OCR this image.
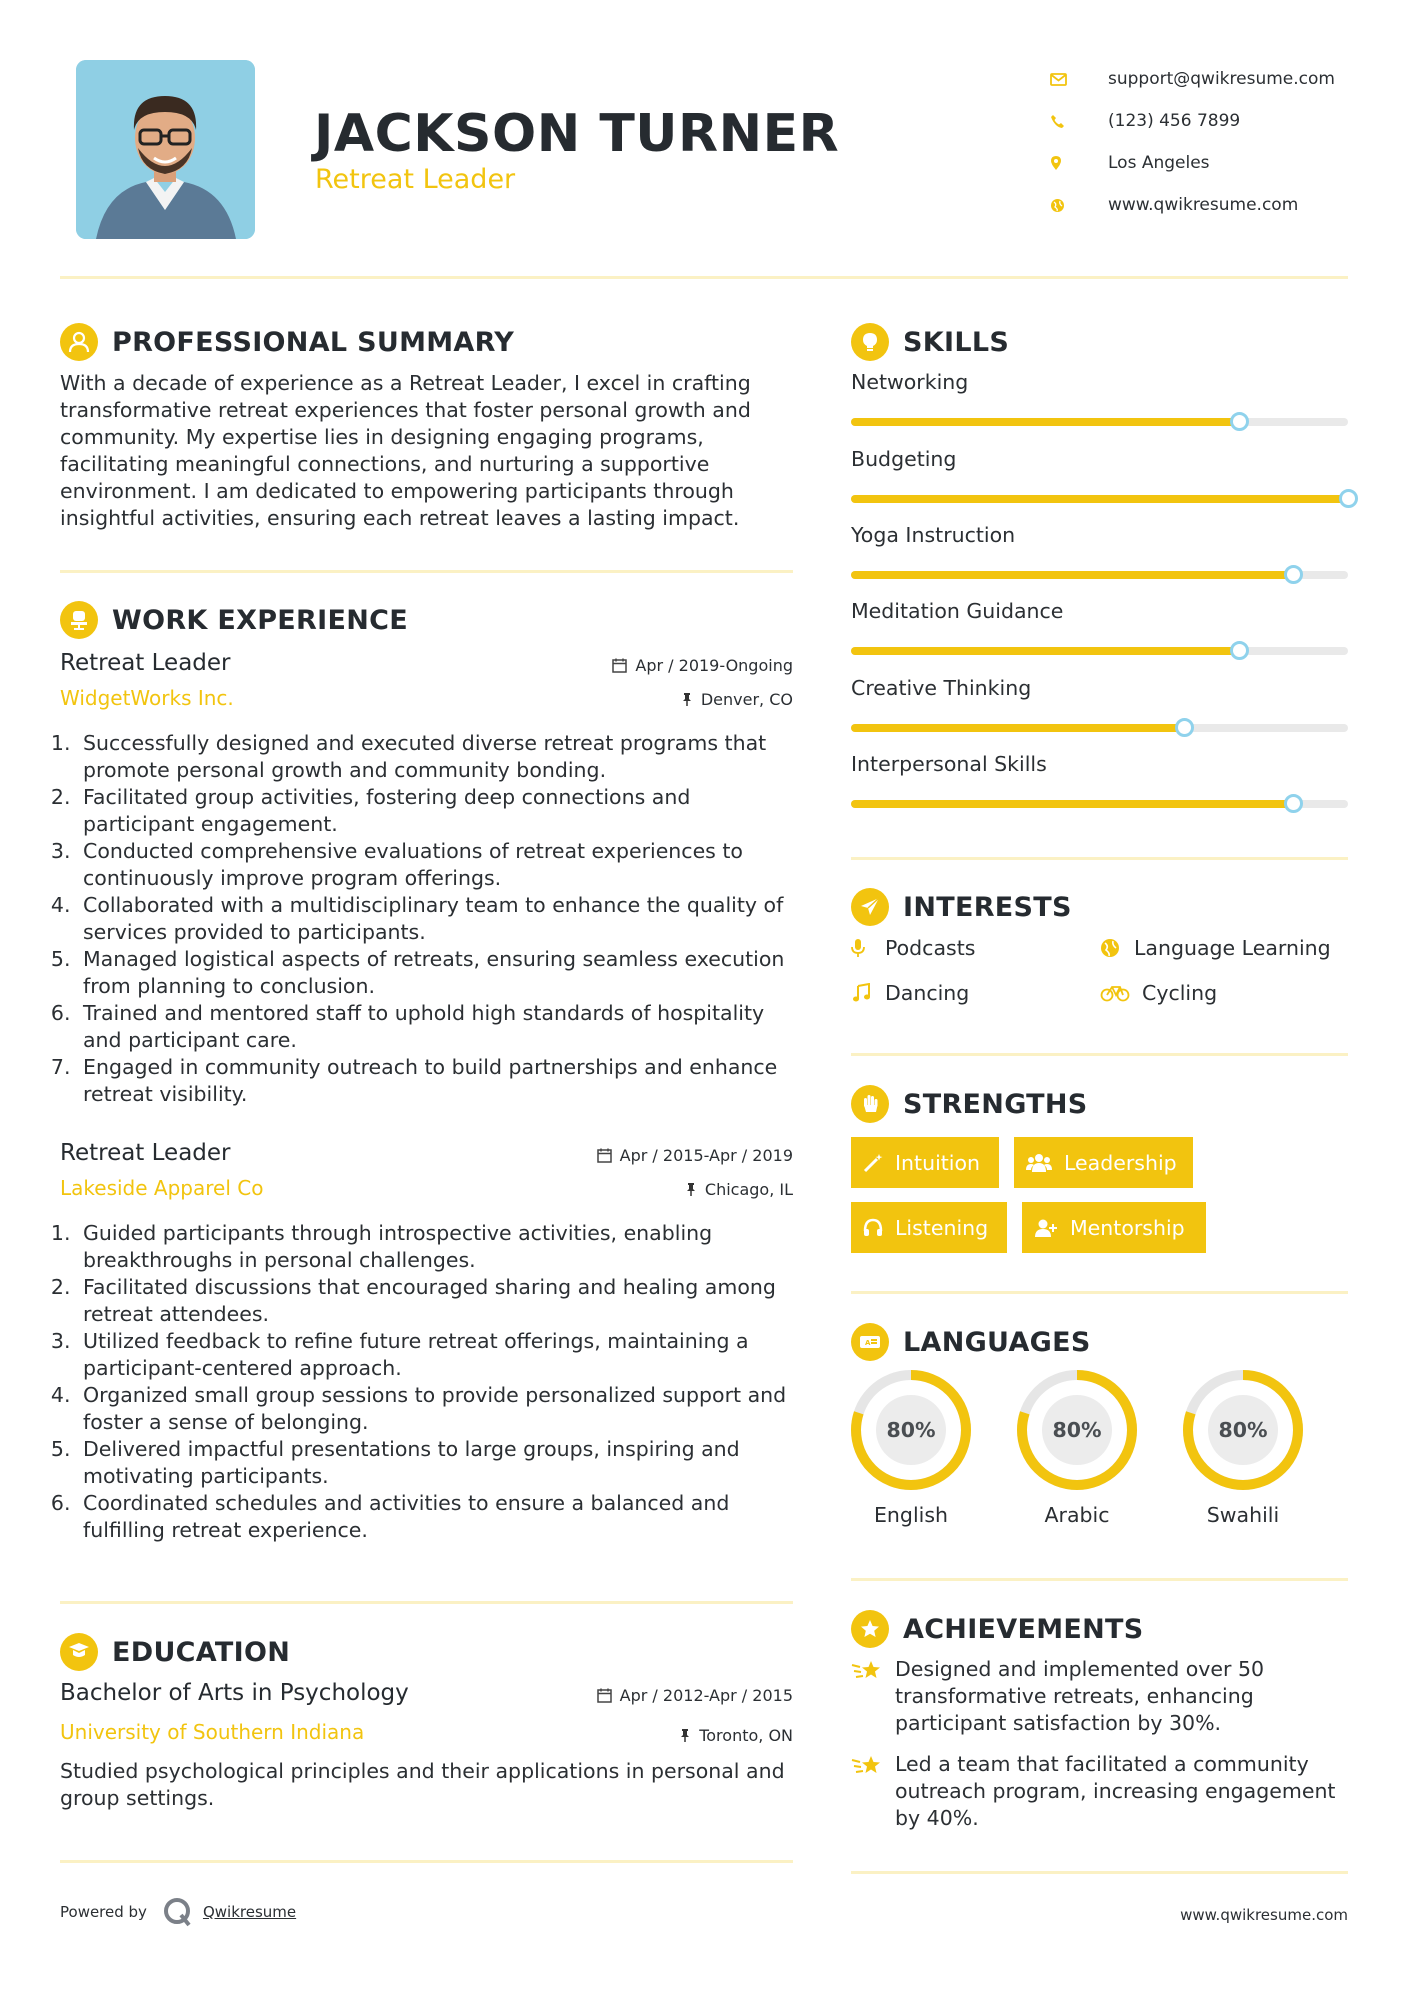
JACKSON TURNER
Retreat Leader
support@qwikresume.com
(123) 456 7899
Los Angeles
www.qwikresume.com
PROFESSIONAL SUMMARY
With a decade of experience as a Retreat Leader, I excel in crafting transformative retreat experiences that foster personal growth and community. My expertise lies in designing engaging programs, facilitating meaningful connections, and nurturing a supportive environment. I am dedicated to empowering participants through insightful activities, ensuring each retreat leaves a lasting impact.
WORK EXPERIENCE
Retreat Leader	Apr / 2019-Ongoing
WidgetWorks Inc.	Denver, CO
1. Successfully designed and executed diverse retreat programs that promote personal growth and community bonding.
2. Facilitated group activities, fostering deep connections and participant engagement.
3. Conducted comprehensive evaluations of retreat experiences to continuously improve program offerings.
4. Collaborated with a multidisciplinary team to enhance the quality of services provided to participants.
5. Managed logistical aspects of retreats, ensuring seamless execution from planning to conclusion.
6. Trained and mentored staff to uphold high standards of hospitality and participant care.
7. Engaged in community outreach to build partnerships and enhance retreat visibility.
Retreat Leader	Apr / 2015-Apr / 2019
Lakeside Apparel Co	Chicago, IL
1. Guided participants through introspective activities, enabling breakthroughs in personal challenges.
2. Facilitated discussions that encouraged sharing and healing among retreat attendees.
3. Utilized feedback to refine future retreat offerings, maintaining a participant-centered approach.
4. Organized small group sessions to provide personalized support and foster a sense of belonging.
5. Delivered impactful presentations to large groups, inspiring and motivating participants.
6. Coordinated schedules and activities to ensure a balanced and fulfilling retreat experience.
EDUCATION
Bachelor of Arts in Psychology	Apr / 2012-Apr / 2015
University of Southern Indiana	Toronto, ON
Studied psychological principles and their applications in personal and group settings.
SKILLS
Networking
Budgeting
Yoga Instruction
Meditation Guidance
Creative Thinking
Interpersonal Skills
INTERESTS
Podcasts	Language Learning
Dancing	Cycling
STRENGTHS
Intuition	Leadership
Listening	Mentorship
A LANGUAGES
80%
English
80%
Arabic
80%
Swahili
ACHIEVEMENTS
Designed and implemented over 50 transformative retreats, enhancing participant satisfaction by 30%.
Led a team that facilitated a community outreach program, increasing engagement by 40%.
Powered by	Qwikresume	www.qwikresume.com
